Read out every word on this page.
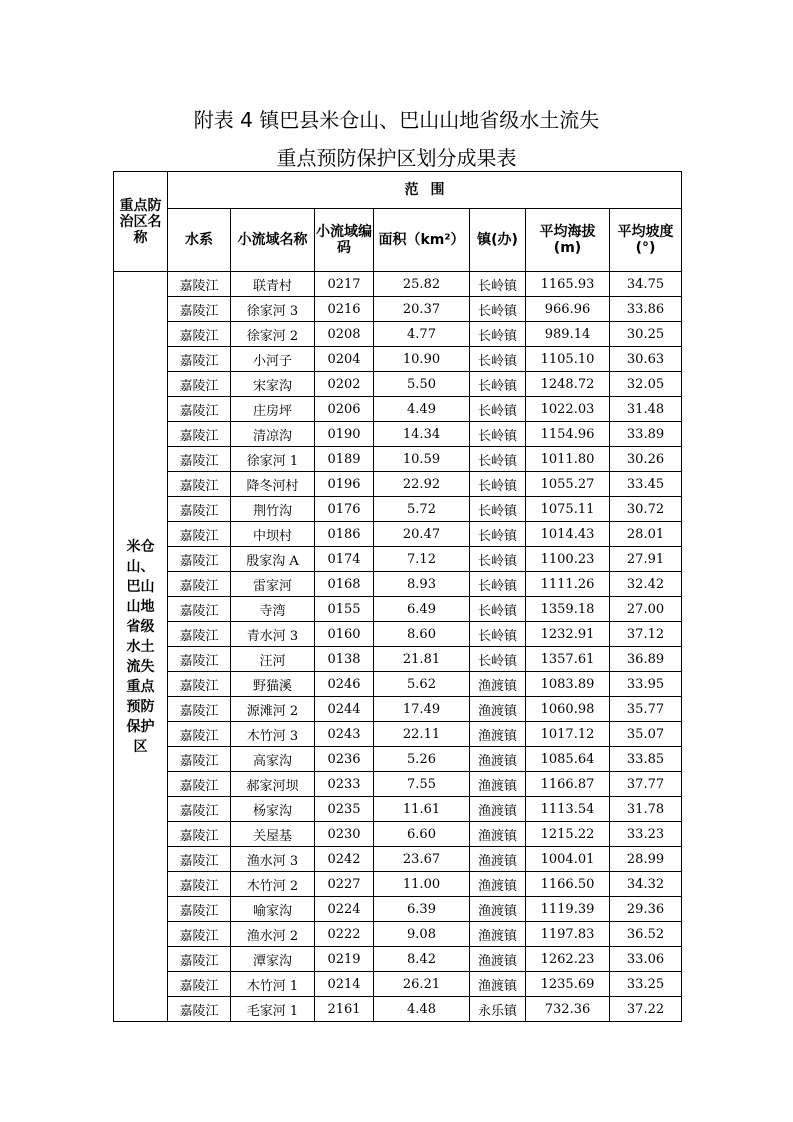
附表 4 镇巴县米仓山、巴山山地省级水土流失
重点预防保护区划分成果表
重点防治区名称	范围						
	水系	小流域名称	小流域编码	面积（km²）	镇(办)	平均海拔(m)	平均坡度(°)
米仓山、巴山山地省级水土流失重点预防保护区	嘉陵江	联青村	0217	25.82	长岭镇	1165.93	34.75
	嘉陵江	徐家河 3	0216	20.37	长岭镇	966.96	33.86
	嘉陵江	徐家河 2	0208	4.77	长岭镇	989.14	30.25
	嘉陵江	小河子	0204	10.90	长岭镇	1105.10	30.63
	嘉陵江	宋家沟	0202	5.50	长岭镇	1248.72	32.05
	嘉陵江	庄房坪	0206	4.49	长岭镇	1022.03	31.48
	嘉陵江	清凉沟	0190	14.34	长岭镇	1154.96	33.89
	嘉陵江	徐家河 1	0189	10.59	长岭镇	1011.80	30.26
	嘉陵江	降冬河村	0196	22.92	长岭镇	1055.27	33.45
	嘉陵江	荆竹沟	0176	5.72	长岭镇	1075.11	30.72
	嘉陵江	中坝村	0186	20.47	长岭镇	1014.43	28.01
	嘉陵江	殷家沟 A	0174	7.12	长岭镇	1100.23	27.91
	嘉陵江	雷家河	0168	8.93	长岭镇	1111.26	32.42
	嘉陵江	寺湾	0155	6.49	长岭镇	1359.18	27.00
	嘉陵江	青水河 3	0160	8.60	长岭镇	1232.91	37.12
	嘉陵江	汪河	0138	21.81	长岭镇	1357.61	36.89
	嘉陵江	野猫溪	0246	5.62	渔渡镇	1083.89	33.95
	嘉陵江	源滩河 2	0244	17.49	渔渡镇	1060.98	35.77
	嘉陵江	木竹河 3	0243	22.11	渔渡镇	1017.12	35.07
	嘉陵江	高家沟	0236	5.26	渔渡镇	1085.64	33.85
	嘉陵江	郝家河坝	0233	7.55	渔渡镇	1166.87	37.77
	嘉陵江	杨家沟	0235	11.61	渔渡镇	1113.54	31.78
	嘉陵江	关屋基	0230	6.60	渔渡镇	1215.22	33.23
	嘉陵江	渔水河 3	0242	23.67	渔渡镇	1004.01	28.99
	嘉陵江	木竹河 2	0227	11.00	渔渡镇	1166.50	34.32
	嘉陵江	喻家沟	0224	6.39	渔渡镇	1119.39	29.36
	嘉陵江	渔水河 2	0222	9.08	渔渡镇	1197.83	36.52
	嘉陵江	潭家沟	0219	8.42	渔渡镇	1262.23	33.06
	嘉陵江	木竹河 1	0214	26.21	渔渡镇	1235.69	33.25
	嘉陵江	毛家河 1	2161	4.48	永乐镇	732.36	37.22
